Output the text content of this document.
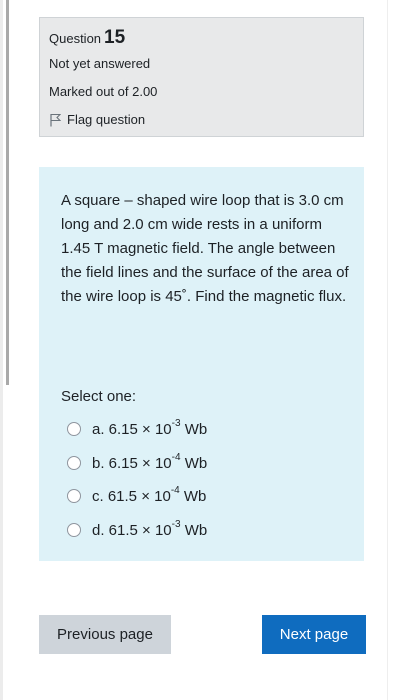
Question 15
Not yet answered
Marked out of 2.00
Flag question

A square – shaped wire loop that is 3.0 cm long and 2.0 cm wide rests in a uniform 1.45 T magnetic field. The angle between the field lines and the surface of the area of the wire loop is 45˚. Find the magnetic flux.

Select one:
a. $6.15 \times 10^{-3}$ Wb
b. $6.15 \times 10^{-4}$ Wb
c. $61.5 \times 10^{-4}$ Wb
d. $61.5 \times 10^{-3}$ Wb
Previous page	Next page
